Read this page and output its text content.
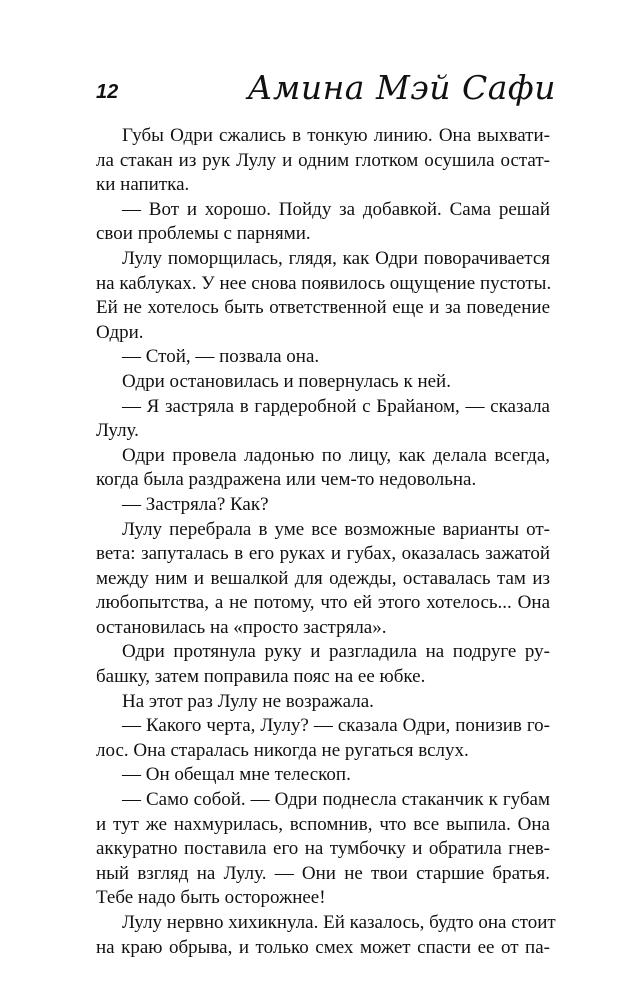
12	Амина Мэй Сафи
Губы Одри сжались в тонкую линию. Она выхвати-
ла стакан из рук Лулу и одним глотком осушила остат-
ки напитка.
— Вот и хорошо. Пойду за добавкой. Сама решай
свои проблемы с парнями.
Лулу поморщилась, глядя, как Одри поворачивается
на каблуках. У нее снова появилось ощущение пустоты.
Ей не хотелось быть ответственной еще и за поведение
Одри.
— Стой, — позвала она.
Одри остановилась и повернулась к ней.
— Я застряла в гардеробной с Брайаном, — сказала
Лулу.
Одри провела ладонью по лицу, как делала всегда,
когда была раздражена или чем-то недовольна.
— Застряла? Как?
Лулу перебрала в уме все возможные варианты от-
вета: запуталась в его руках и губах, оказалась зажатой
между ним и вешалкой для одежды, оставалась там из
любопытства, а не потому, что ей этого хотелось... Она
остановилась на «просто застряла».
Одри протянула руку и разгладила на подруге ру-
башку, затем поправила пояс на ее юбке.
На этот раз Лулу не возражала.
— Какого черта, Лулу? — сказала Одри, понизив го-
лос. Она старалась никогда не ругаться вслух.
— Он обещал мне телескоп.
— Само собой. — Одри поднесла стаканчик к губам
и тут же нахмурилась, вспомнив, что все выпила. Она
аккуратно поставила его на тумбочку и обратила гнев-
ный взгляд на Лулу. — Они не твои старшие братья.
Тебе надо быть осторожнее!
Лулу нервно хихикнула. Ей казалось, будто она стоит
на краю обрыва, и только смех может спасти ее от па-
